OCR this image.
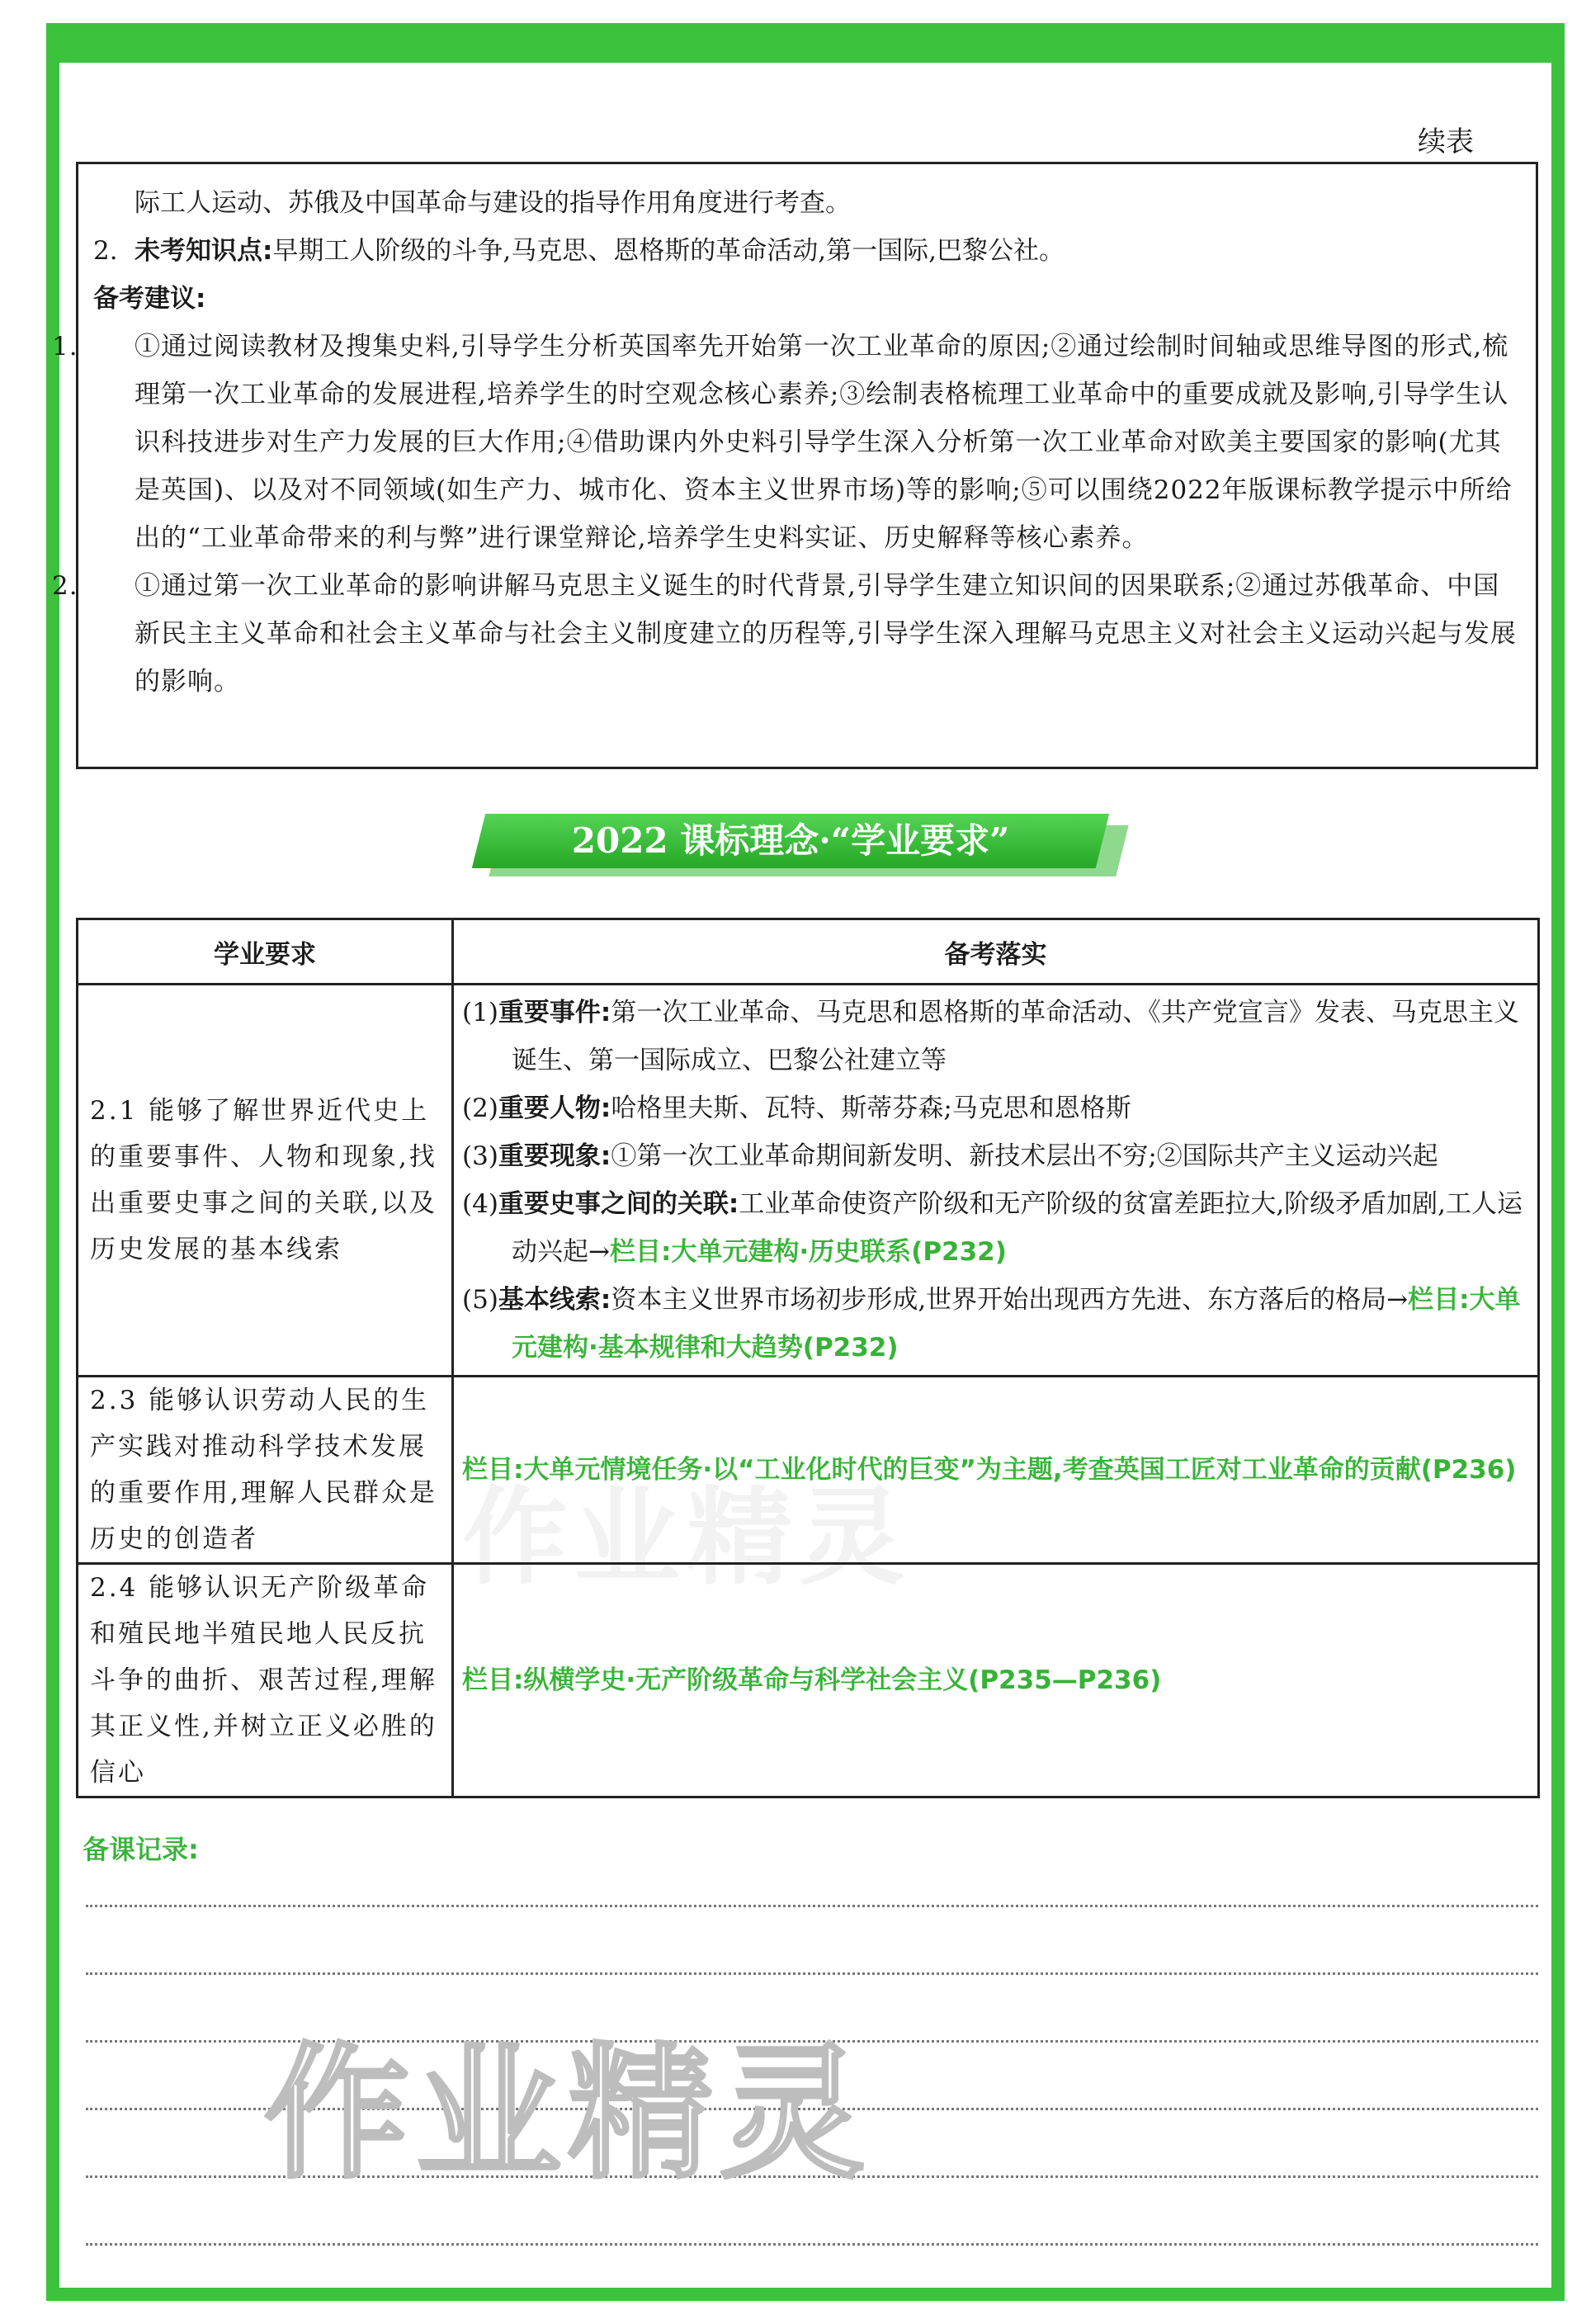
续表

际工人运动、苏俄及中国革命与建设的指导作用角度进行考查。

2. 未考知识点:早期工人阶级的斗争,马克思、恩格斯的革命活动,第一国际,巴黎公社。

备考建议:

1. ①通过阅读教材及搜集史料,引导学生分析英国率先开始第一次工业革命的原因;②通过绘制时间轴或思维导图的形式,梳理第一次工业革命的发展进程,培养学生的时空观念核心素养;③绘制表格梳理工业革命中的重要成就及影响,引导学生认识科技进步对生产力发展的巨大作用;④借助课内外史料引导学生深入分析第一次工业革命对欧美主要国家的影响(尤其是英国)、以及对不同领域(如生产力、城市化、资本主义世界市场)等的影响;⑤可以围绕2022年版课标教学提示中所给出的“工业革命带来的利与弊”进行课堂辩论,培养学生史料实证、历史解释等核心素养。

2. ①通过第一次工业革命的影响讲解马克思主义诞生的时代背景,引导学生建立知识间的因果联系;②通过苏俄革命、中国新民主主义革命和社会主义革命与社会主义制度建立的历程等,引导学生深入理解马克思主义对社会主义运动兴起与发展的影响。

2022 课标理念·“学业要求”
学业要求	备考落实
2.1 能够了解世界近代史上的重要事件、人物和现象,找出重要史事之间的关联,以及历史发展的基本线索	(1)重要事件:第一次工业革命、马克思和恩格斯的革命活动、《共产党宣言》发表、马克思主义诞生、第一国际成立、巴黎公社建立等
(2)重要人物:哈格里夫斯、瓦特、斯蒂芬森;马克思和恩格斯
(3)重要现象:①第一次工业革命期间新发明、新技术层出不穷;②国际共产主义运动兴起
(4)重要史事之间的关联:工业革命使资产阶级和无产阶级的贫富差距拉大,阶级矛盾加剧,工人运动兴起→栏目:大单元建构·历史联系(P232)
(5)基本线索:资本主义世界市场初步形成,世界开始出现西方先进、东方落后的格局→栏目:大单元建构·基本规律和大趋势(P232)

2.3 能够认识劳动人民的生产实践对推动科学技术发展的重要作用,理解人民群众是历史的创造者	栏目:大单元情境任务·以“工业化时代的巨变”为主题,考查英国工匠对工业革命的贡献(P236)
2.4 能够认识无产阶级革命和殖民地半殖民地人民反抗斗争的曲折、艰苦过程,理解其正义性,并树立正义必胜的信心	栏目:纵横学史·无产阶级革命与科学社会主义(P235—P236)
备课记录:
作业精灵
作业精灵
